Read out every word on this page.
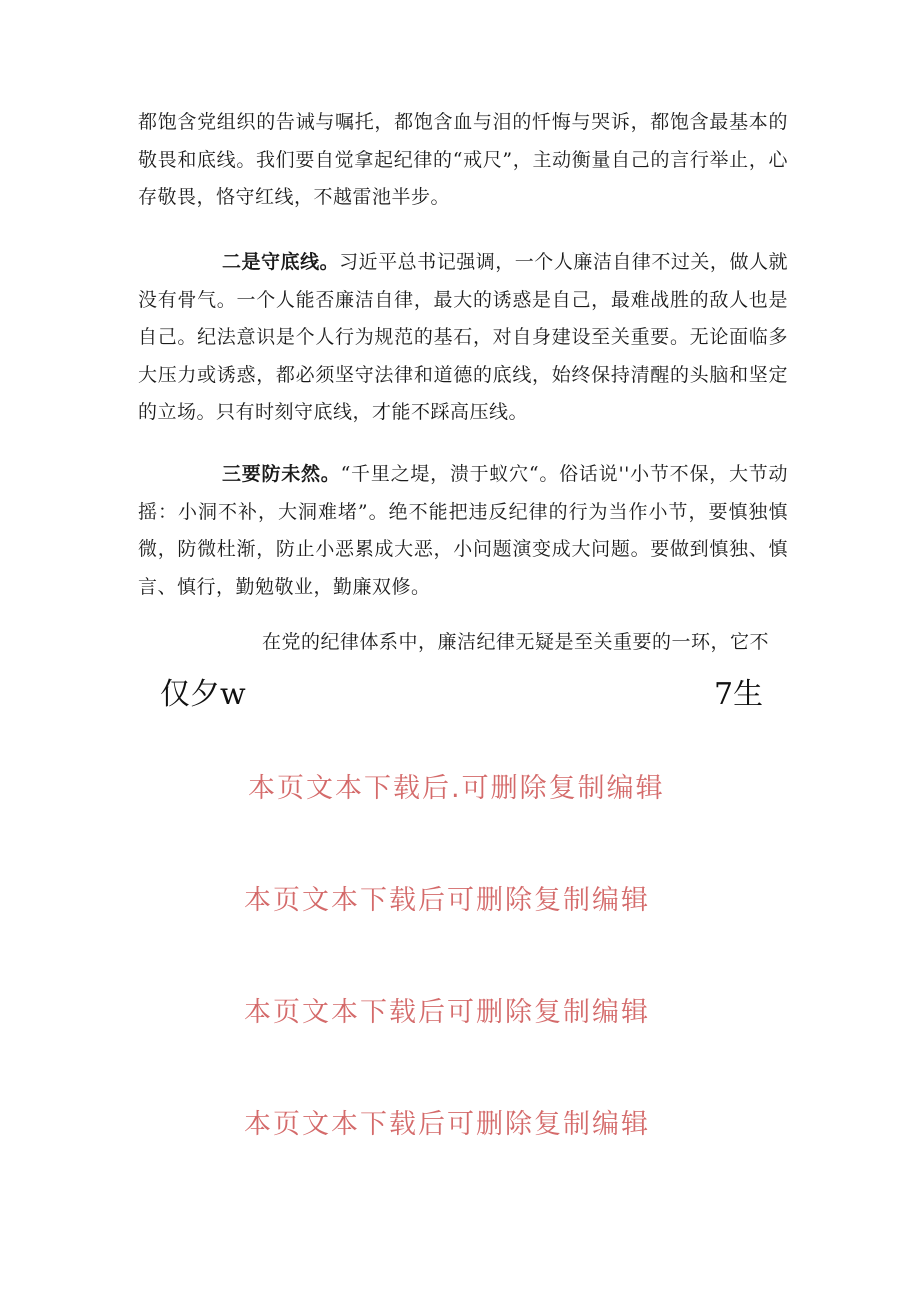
都饱含党组织的告诫与嘱托，都饱含血与泪的忏悔与哭诉，都饱含最基本的敬畏和底线。我们要自觉拿起纪律的“戒尺”，主动衡量自己的言行举止，心存敬畏，恪守红线，不越雷池半步。

二是守底线。习近平总书记强调，一个人廉洁自律不过关，做人就没有骨气。一个人能否廉洁自律，最大的诱惑是自己，最难战胜的敌人也是自己。纪法意识是个人行为规范的基石，对自身建设至关重要。无论面临多大压力或诱惑，都必须坚守法律和道德的底线，始终保持清醒的头脑和坚定的立场。只有时刻守底线，才能不踩高压线。

三要防未然。“千里之堤，溃于蚁穴“。俗话说''小节不保，大节动摇：小洞不补，大洞难堵”。绝不能把违反纪律的行为当作小节，要慎独慎微，防微杜渐，防止小恶累成大恶，小问题演变成大问题。要做到慎独、慎言、慎行，勤勉敬业，勤廉双修。

在党的纪律体系中，廉洁纪律无疑是至关重要的一环，它不

仅夕w	7生
本页文本下载后.可删除复制编辑
本页文本下载后可删除复制编辑
本页文本下载后可删除复制编辑
本页文本下载后可删除复制编辑
